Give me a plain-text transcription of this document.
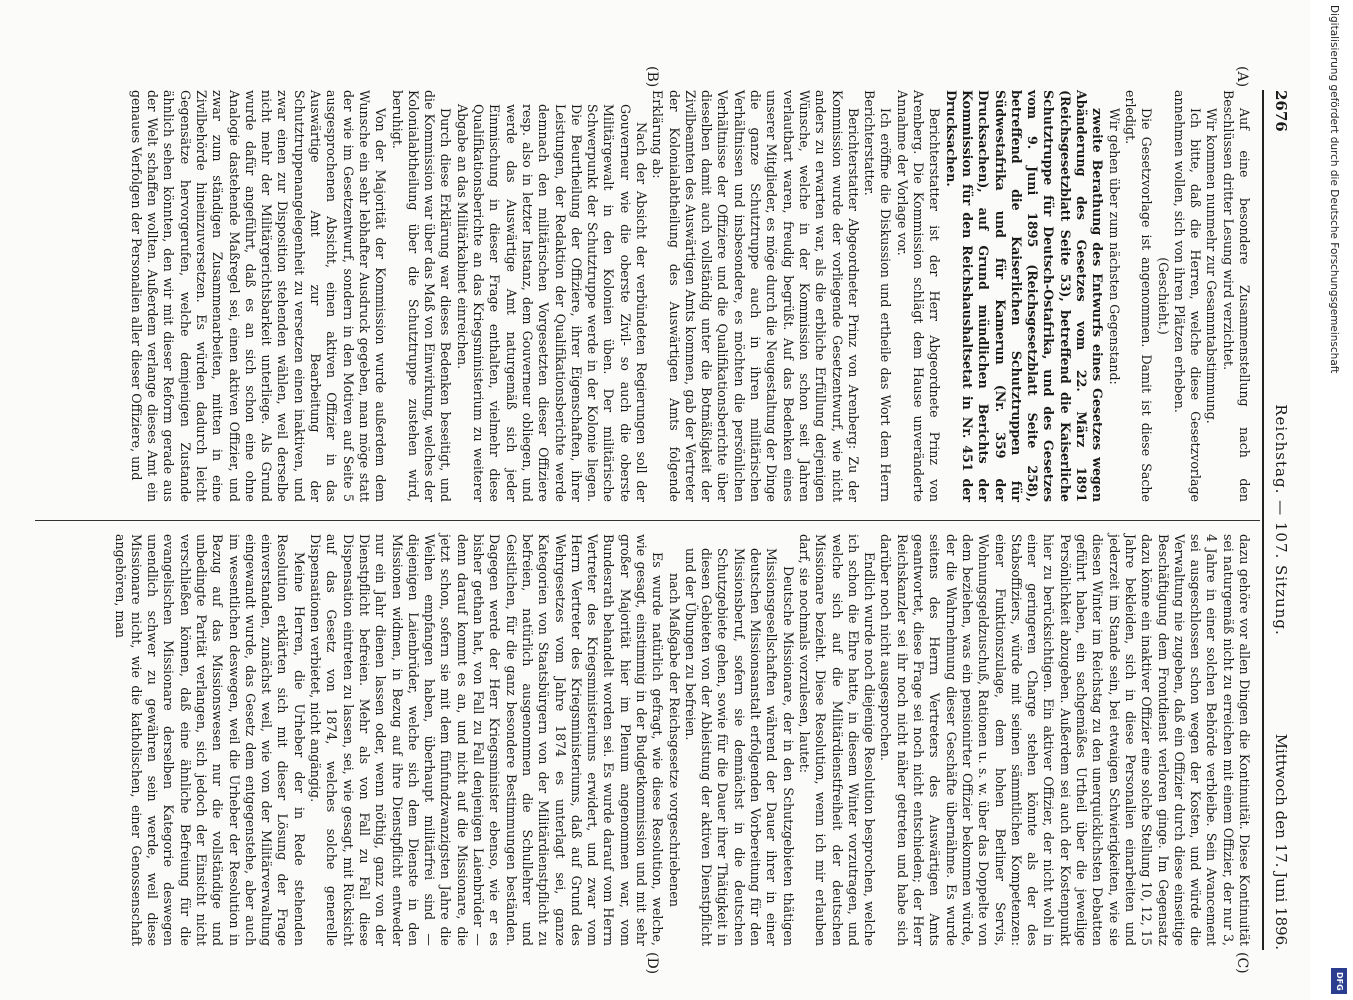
2676
Reichstag. — 107. Sitzung.
Mittwoch den 17. Juni 1896.
(A)
(B)
(C)
(D)

Auf eine besondere Zusammenstellung nach den Beschlüssen dritter Lesung wird verzichtet.

Wir kommen nunmehr zur Gesammtabstimmung.

Ich bitte, daß die Herren, welche diese Gesetzvorlage annehmen wollen, sich von ihren Plätzen erheben.

(Geschieht.)

Die Gesetzvorlage ist angenommen. Damit ist diese Sache erledigt.

Wir gehen über zum nächsten Gegenstand:

zweite Berathung des Entwurfs eines Gesetzes wegen Abänderung des Gesetzes vom 22. März 1891 (Reichsgesetzblatt Seite 53), betreffend die Kaiserliche Schutztruppe für Deutsch-Ostafrika, und des Gesetzes vom 9. Juni 1895 (Reichsgesetzblatt Seite 258), betreffend die Kaiserlichen Schutztruppen für Südwestafrika und für Kamerun (Nr. 359 der Drucksachen), auf Grund mündlichen Berichts der Kommission für den Reichshaushaltsetat in Nr. 451 der Drucksachen.

Berichterstatter ist der Herr Abgeordnete Prinz von Arenberg. Die Kommission schlägt dem Hause unveränderte Annahme der Vorlage vor.

Ich eröffne die Diskussion und ertheile das Wort dem Herrn Berichterstatter.

Berichterstatter Abgeordneter Prinz von Arenberg: Zu der Kommission wurde der vorliegende Gesetzentwurf, wie nicht anders zu erwarten war, als die erbliche Erfüllung derjenigen Wünsche, welche in der Kommission schon seit Jahren verlautbart waren, freudig begrüßt. Auf das Bedenken eines unserer Mitglieder, es möge durch die Neugestaltung der Dinge die ganze Schutztruppe auch in ihren militärischen Verhältnissen und insbesondere, es möchten die persönlichen Verhältnisse der Offiziere und die Qualifikationsberichte über dieselben damit auch vollständig unter die Botmäßigkeit der Zivilbeamten des Auswärtigen Amts kommen, gab der Vertreter der Kolonialabtheilung des Auswärtigen Amts folgende Erklärung ab:

Nach der Absicht der verbündeten Regierungen soll der Gouverneur wie die oberste Zivil- so auch die oberste Militärgewalt in den Kolonien üben. Der militärische Schwerpunkt der Schutztruppe werde in der Kolonie liegen. Die Beurtheilung der Offiziere, ihrer Eigenschaften, ihrer Leistungen, der Redaktion der Qualifikationsberichte werde demnach den militärischen Vorgesetzten dieser Offiziere resp. also in letzter Instanz, dem Gouverneur obliegen, und werde das Auswärtige Amt naturgemäß sich jeder Einmischung in dieser Frage enthalten, vielmehr diese Qualifikationsberichte an das Kriegsministerium zu weiterer Abgabe an das Militärkabinet einreichen.

Durch diese Erklärung war dieses Bedenken beseitigt, und die Kommission war über das Maß von Einwirkung, welches der Kolonialabtheilung über die Schutztruppe zustehen wird, beruhigt.

Von der Majorität der Kommission wurde außerdem dem Wunsche ein sehr lebhafter Ausdruck gegeben, man möge statt der wie im Gesetzentwurf, sondern in den Motiven auf Seite 5 ausgesprochenen Absicht, einen aktiven Offizier in das Auswärtige Amt zur Bearbeitung der Schutztruppenangelegenheit zu versetzen einen inaktiven, und zwar einen zur Disposition stehenden wählen, weil derselbe nicht mehr der Militärgerichtsbarkeit unterliege. Als Grund wurde dafür angeführt, daß es an sich schon eine ohne Analogie dastehende Maßregel sei, einen aktiven Offizier, und zwar zum ständigen Zusammenarbeiten, mitten in eine Zivilbehörde hineinzuversetzen. Es würden dadurch leicht Gegensätze hervorgerufen, welche demjenigen Zustande ähnlich sehen könnten, den wir mit dieser Reform gerade aus der Welt schaffen wollten. Außerdem verlange dieses Amt ein genaues Verfolgen der Personalien aller dieser Offiziere, und

dazu gehöre vor allen Dingen die Kontinuität. Diese Kontinuität sei naturgemäß nicht zu erreichen mit einem Offizier, der nur 3, 4 Jahre in einer solchen Behörde verbleibe. Sein Avancement sei ausgeschlossen schon wegen der Kosten, und würde die Verwaltung nie zugeben, daß ein Offizier durch diese einseitige Beschäftigung dem Frontdienst verloren ginge. Im Gegensatz dazu könne ein inaktiver Offizier eine solche Stellung 10, 12, 15 Jahre bekleiden, sich in diese Personalien einarbeiten und jederzeit im Stande sein, bei etwaigen Schwierigkeiten, wie sie diesen Winter im Reichstag zu den unerquicklichsten Debatten geführt haben, ein sachgemäßes Urtheil über die jeweilige Persönlichkeit abzugeben. Außerdem sei auch der Kostenpunkt hier zu berücksichtigen. Ein aktiver Offizier, der nicht wohl in einer geringeren Charge stehen könnte als der des Stabsoffiziers, würde mit seinen sämmtlichen Kompetenzen: einer Funktionszulage, dem hohen Berliner Servis, Wohnungsgeldzuschuß, Rationen u. s. w. über das Doppelte von dem beziehen, was ein pensionirter Offizier bekommen würde, der die Wahrnehmung dieser Geschäfte übernähme. Es wurde seitens des Herrn Vertreters des Auswärtigen Amts geantwortet, diese Frage sei noch nicht entschieden; der Herr Reichskanzler sei ihr noch nicht näher getreten und habe sich darüber noch nicht ausgesprochen.

Endlich wurde noch diejenige Resolution besprochen, welche ich schon die Ehre hatte, in diesem Winter vorzutragen, und welche sich auf die Militärdienstfreiheit der deutschen Missionare bezieht. Diese Resolution, wenn ich mir erlauben darf, sie nochmals vorzulesen, lautet:

Deutsche Missionare, der in den Schutzgebieten thätigen Missionsgesellschaften während der Dauer ihrer in einer deutschen Missionsanstalt erfolgenden Vorbereitung für den Missionsberuf, sofern sie demnächst in die deutschen Schutzgebiete gehen, sowie für die Dauer ihrer Thätigkeit in diesen Gebieten von der Ableistung der aktiven Dienstpflicht und der Übungen zu befreien.

nach Maßgabe der Reichsgesetze vorgeschriebenen

Es wurde natürlich gefragt, wie diese Resolution, welche, wie gesagt, einstimmig in der Budgetkommission und mit sehr großer Majorität hier im Plenum angenommen war, vom Bundesrath behandelt worden sei. Es wurde darauf vom Herrn Vertreter des Kriegsministeriums erwidert, und zwar vom Herrn Vertreter des Kriegsministeriums, daß auf Grund des Wehrgesetzes vom Jahre 1874 es unterlagt sei, ganze Kategorien von Staatsbürgern von der Militärdienstpflicht zu befreien, natürlich ausgenommen die Schullehrer und Geistlichen, für die ganz besondere Bestimmungen beständen. Dagegen werde der Herr Kriegsminister ebenso, wie er es bisher gethan hat, von Fall zu Fall denjenigen Laienbrüder — denn darauf kommt es an, und nicht auf die Missionare, die jetzt schon, sofern sie mit dem fünfundzwanzigsten Jahre die Weihen empfangen haben, überhaupt militärfrei sind — diejenigen Laienbrüder, welche sich dem Dienste in den Missionen widmen, in Bezug auf ihre Dienstpflicht entweder nur ein Jahr dienen lassen oder, wenn nöthig, ganz von der Dienstpflicht befreien. Mehr als von Fall zu Fall diese Dispensation eintreten zu lassen, sei, wie gesagt, mit Rücksicht auf das Gesetz von 1874, welches solche generelle Dispensationen verbietet, nicht angängig.

Meine Herren, die Urheber der in Rede stehenden Resolution erklärten sich mit dieser Lösung der Frage einverstanden, zunächst weil, wie von der Militärverwaltung eingewandt wurde, das Gesetz dem entgegenstehe, aber auch im wesentlichen deswegen, weil die Urheber der Resolution in Bezug auf das Missionswesen nur die vollständige und unbedingte Parität verlangen, sich jedoch der Einsicht nicht verschließen können, daß eine ähnliche Befreiung für die evangelischen Missionare derselben Kategorie deswegen unendlich schwer zu gewähren sein werde, weil diese Missionare nicht, wie die katholischen, einer Genossenschaft angehören, man

Digitalisierung gefördert durch die Deutsche Forschungsgemeinschaft
DFG
